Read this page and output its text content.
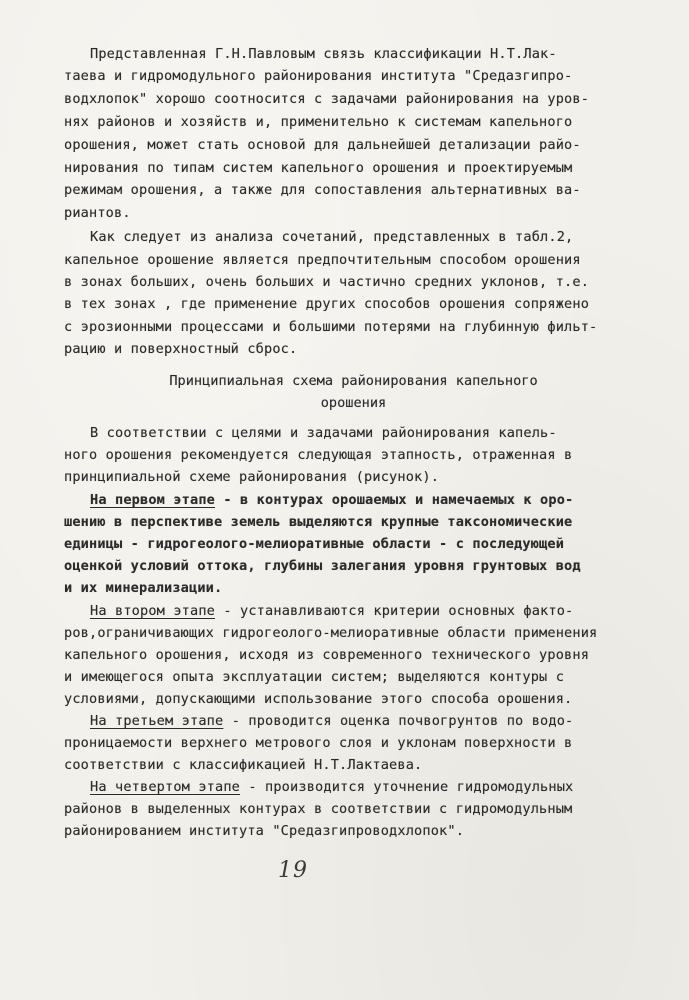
Представленная Г.Н.Павловым связь классификации Н.Т.Лак-
таева и гидромодульного районирования института "Средазгипро-
водхлопок" хорошо соотносится с задачами районирования на уров-
нях районов и хозяйств и, применительно к системам капельного
орошения, может стать основой для дальнейшей детализации райо-
нирования по типам систем капельного орошения и проектируемым
режимам орошения, а также для сопоставления альтернативных ва-
риантов.
Как следует из анализа сочетаний, представленных в табл.2,
капельное орошение является предпочтительным способом орошения
в зонах больших, очень больших и частично средних уклонов, т.е.
в тех зонах , где применение других способов орошения сопряжено
с эрозионными процессами и большими потерями на глубинную фильт-
рацию и поверхностный сброс.
Принципиальная схема районирования капельного
орошения
В соответствии с целями и задачами районирования капель-
ного орошения рекомендуется следующая этапность, отраженная в
принципиальной схеме районирования (рисунок).
На первом этапе - в контурах орошаемых и намечаемых к оро-
шению в перспективе земель выделяются крупные таксономические
единицы - гидрогеолого-мелиоративные области - с последующей
оценкой условий оттока, глубины залегания уровня грунтовых вод
и их минерализации.
На втором этапе - устанавливаются критерии основных факто-
ров,ограничивающих гидрогеолого-мелиоративные области применения
капельного орошения, исходя из современного технического уровня
и имеющегося опыта эксплуатации систем; выделяются контуры с
условиями, допускающими использование этого способа орошения.
На третьем этапе - проводится оценка почвогрунтов по водо-
проницаемости верхнего метрового слоя и уклонам поверхности в
соответствии с классификацией Н.Т.Лактаева.
На четвертом этапе - производится уточнение гидромодульных
районов в выделенных контурах в соответствии с гидромодульным
районированием института "Средазгипроводхлопок".
19
